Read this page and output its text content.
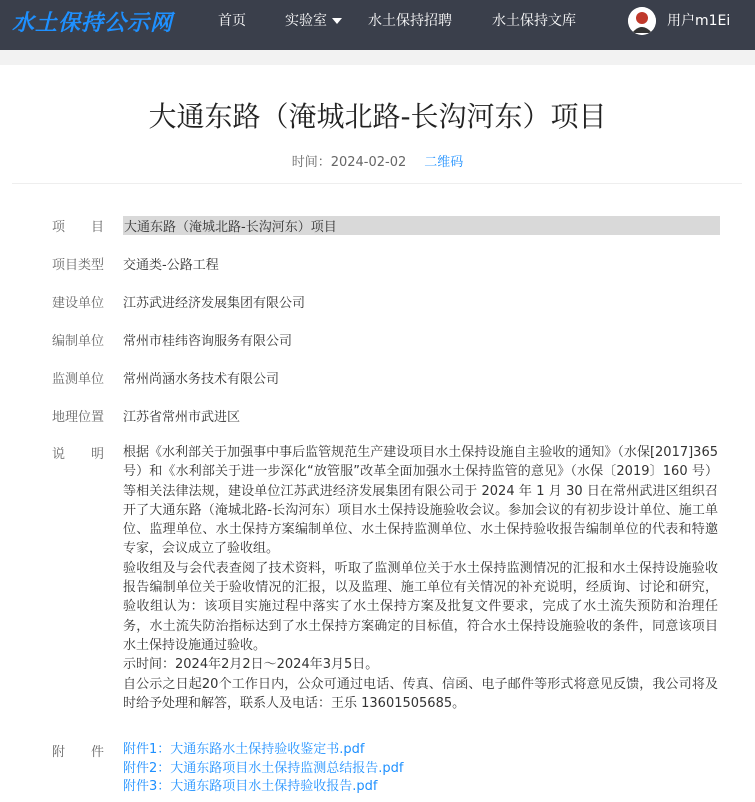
水土保持公示网	首页	实验室	水土保持招聘	水土保持文库	用户m1Ei
大通东路（淹城北路-长沟河东）项目
时间：2024-02-02 二维码
项　　目	大通东路（淹城北路-长沟河东）项目
项目类型	交通类-公路工程
建设单位	江苏武进经济发展集团有限公司
编制单位	常州市桂纬咨询服务有限公司
监测单位	常州尚涵水务技术有限公司
地理位置	江苏省常州市武进区
说　　明	根据《水利部关于加强事中事后监管规范生产建设项目水土保持设施自主验收的通知》（水保[2017]365 号）和《水利部关于进一步深化“放管服”改革全面加强水土保持监管的意见》（水保〔2019〕160 号）等相关法律法规，建设单位江苏武进经济发展集团有限公司于 2024 年 1 月 30 日在常州武进区组织召开了大通东路（淹城北路-长沟河东）项目水土保持设施验收会议。参加会议的有初步设计单位、施工单位、监理单位、水土保持方案编制单位、水土保持监测单位、水土保持验收报告编制单位的代表和特邀专家，会议成立了验收组。

验收组及与会代表查阅了技术资料，听取了监测单位关于水土保持监测情况的汇报和水土保持设施验收报告编制单位关于验收情况的汇报，以及监理、施工单位有关情况的补充说明，经质询、讨论和研究，验收组认为：该项目实施过程中落实了水土保持方案及批复文件要求，完成了水土流失预防和治理任务，水土流失防治指标达到了水土保持方案确定的目标值，符合水土保持设施验收的条件，同意该项目水土保持设施通过验收。

示时间：2024年2月2日～2024年3月5日。

自公示之日起20个工作日内，公众可通过电话、传真、信函、电子邮件等形式将意见反馈，我公司将及时给予处理和解答，联系人及电话：王乐 13601505685。

附　　件	附件1：大通东路水土保持验收鉴定书.pdf
附件2：大通东路项目水土保持监测总结报告.pdf
附件3：大通东路项目水土保持验收报告.pdf
